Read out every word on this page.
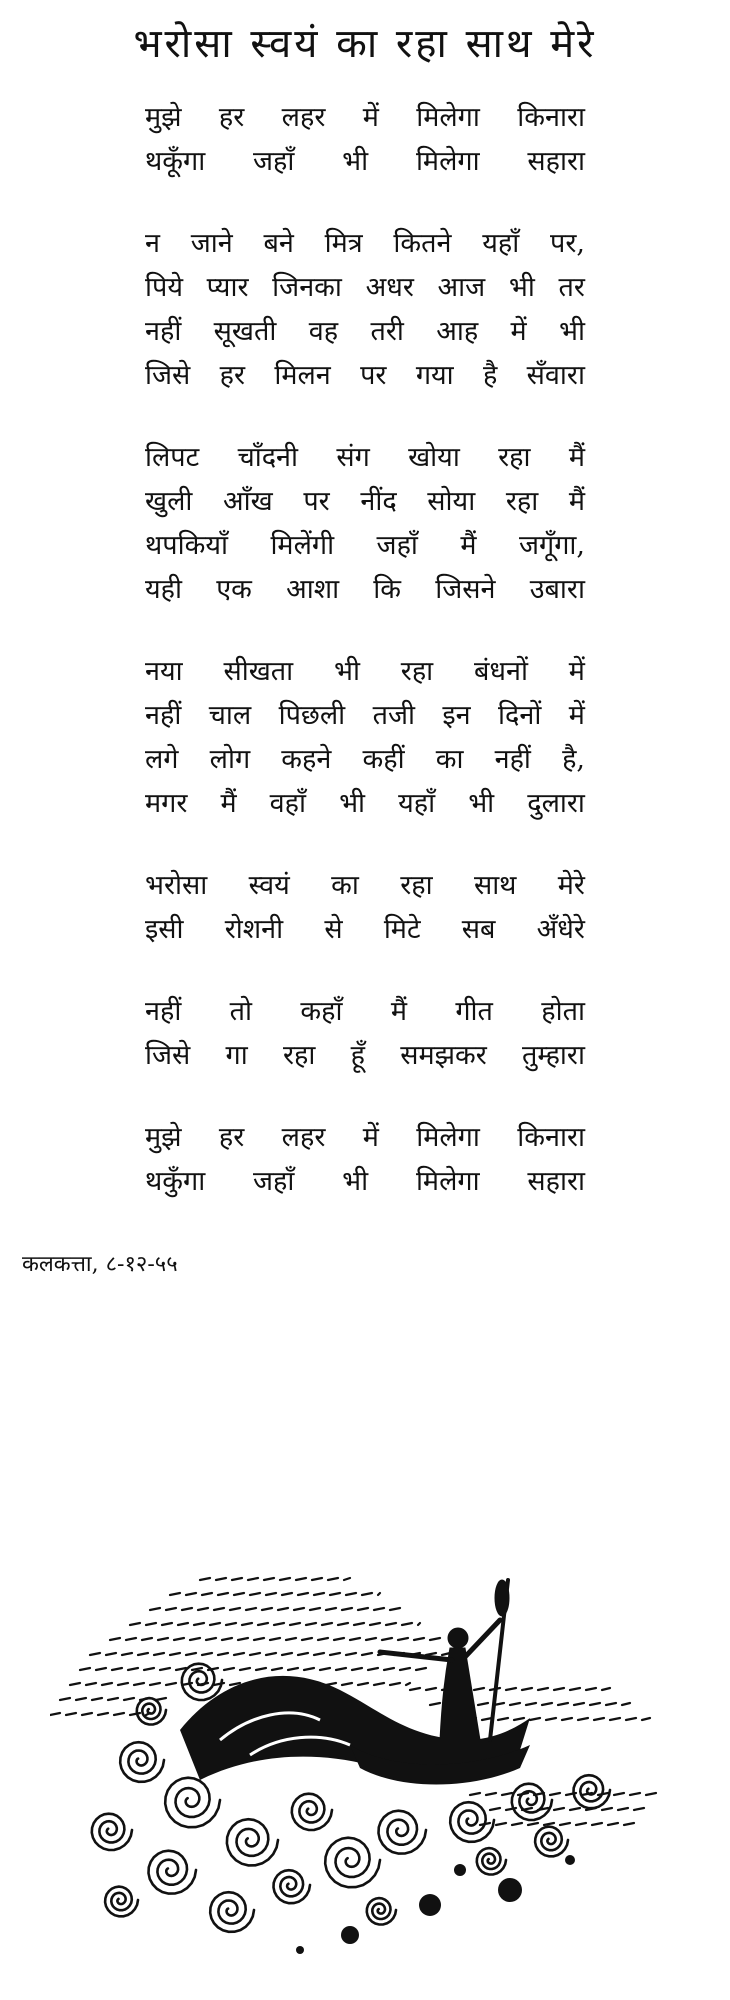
भरोसा स्वयं का रहा साथ मेरे
मुझे हर लहर में मिलेगा किनारा
थकूँगा जहाँ भी मिलेगा सहारा
न जाने बने मित्र कितने यहाँ पर,
पिये प्यार जिनका अधर आज भी तर
नहीं सूखती वह तरी आह में भी
जिसे हर मिलन पर गया है सँवारा
लिपट चाँदनी संग खोया रहा मैं
खुली आँख पर नींद सोया रहा मैं
थपकियाँ मिलेंगी जहाँ मैं जगूँगा,
यही एक आशा कि जिसने उबारा
नया सीखता भी रहा बंधनों में
नहीं चाल पिछली तजी इन दिनों में
लगे लोग कहने कहीं का नहीं है,
मगर मैं वहाँ भी यहाँ भी दुलारा
भरोसा स्वयं का रहा साथ मेरे
इसी रोशनी से मिटे सब अँधेरे
नहीं तो कहाँ मैं गीत होता
जिसे गा रहा हूँ समझकर तुम्हारा
मुझे हर लहर में मिलेगा किनारा
थकुँगा जहाँ भी मिलेगा सहारा
कलकत्ता, ८-१२-५५
